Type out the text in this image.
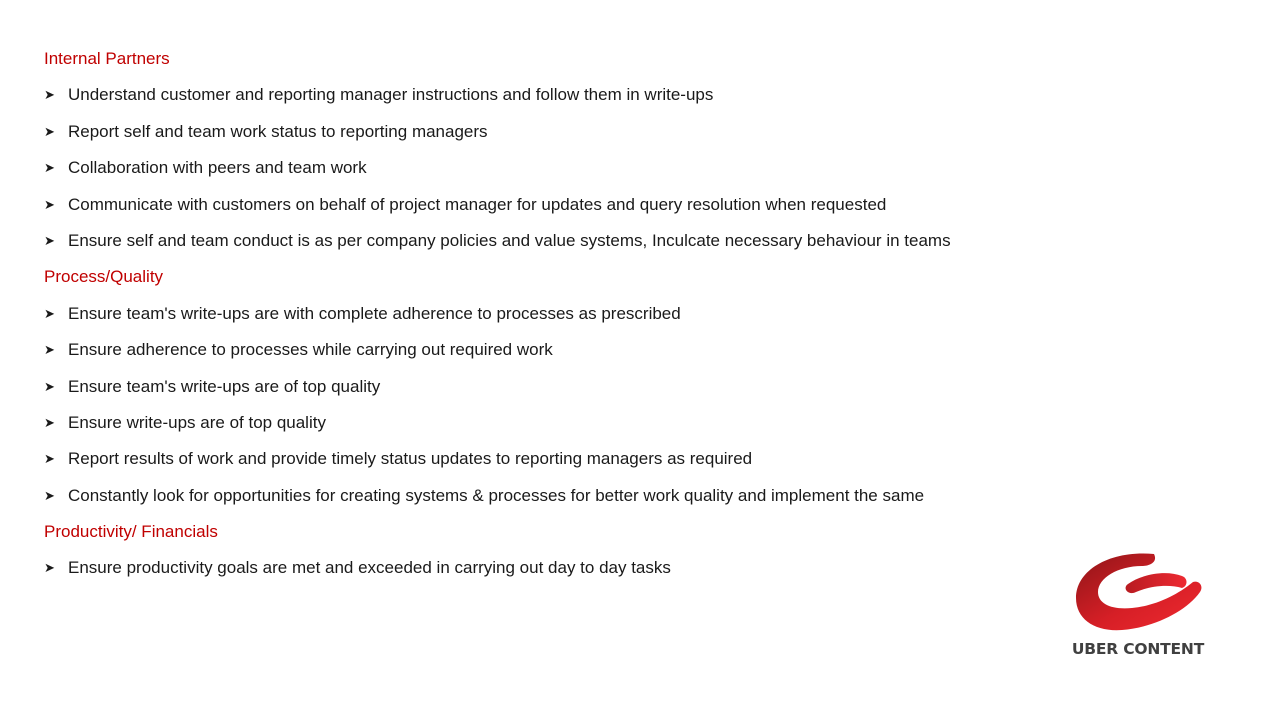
Internal Partners
➤ Understand customer and reporting manager instructions and follow them in write-ups
➤ Report self and team work status to reporting managers
➤ Collaboration with peers and team work
➤ Communicate with customers on behalf of project manager for updates and query resolution when requested
➤ Ensure self and team conduct is as per company policies and value systems, Inculcate necessary behaviour in teams
Process/Quality
➤ Ensure team's write-ups are with complete adherence to processes as prescribed
➤ Ensure adherence to processes while carrying out required work
➤ Ensure team's write-ups are of top quality
➤ Ensure write-ups are of top quality
➤ Report results of work and provide timely status updates to reporting managers as required
➤ Constantly look for opportunities for creating systems & processes for better work quality and implement the same
Productivity/ Financials
➤ Ensure productivity goals are met and exceeded in carrying out day to day tasks
UBER CONTENT
